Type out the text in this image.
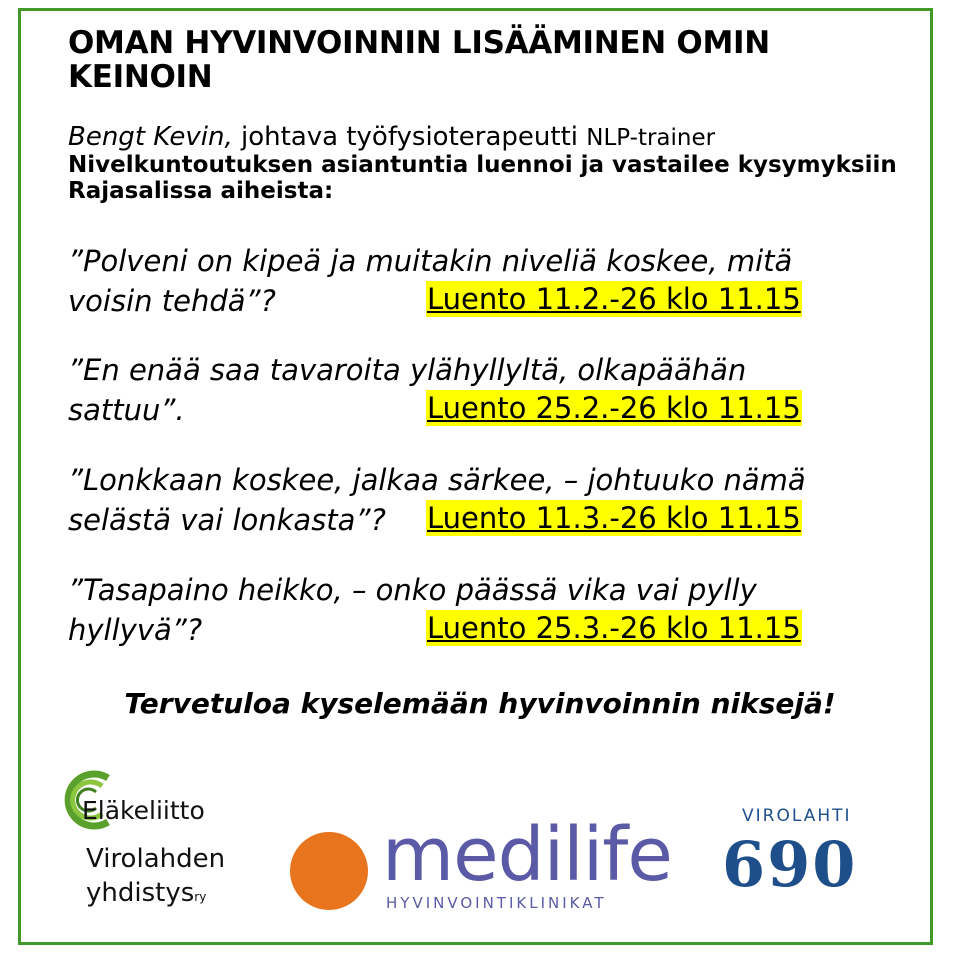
OMAN HYVINVOINNIN LISÄÄMINEN OMIN KEINOIN
Bengt Kevin, johtava työfysioterapeutti NLP-trainer

Nivelkuntoutuksen asiantuntia luennoi ja vastailee kysymyksiin Rajasalissa aiheista:

”Polveni on kipeä ja muitakin niveliä koskee, mitä
voisin tehdä”?	Luento 11.2.-26 klo 11.15
”En enää saa tavaroita ylähyllyltä, olkapäähän
sattuu”.	Luento 25.2.-26 klo 11.15
”Lonkkaan koskee, jalkaa särkee, – johtuuko nämä
selästä vai lonkasta”?	Luento 11.3.-26 klo 11.15
”Tasapaino heikko, – onko päässä vika vai pylly
hyllyvä”?	Luento 25.3.-26 klo 11.15
Tervetuloa kyselemään hyvinvoinnin niksejä!
Eläkeliitto
Virolahden
yhdistysry medilife
HYVINVOINTIKLINIKAT
VIROLAHTI
690
